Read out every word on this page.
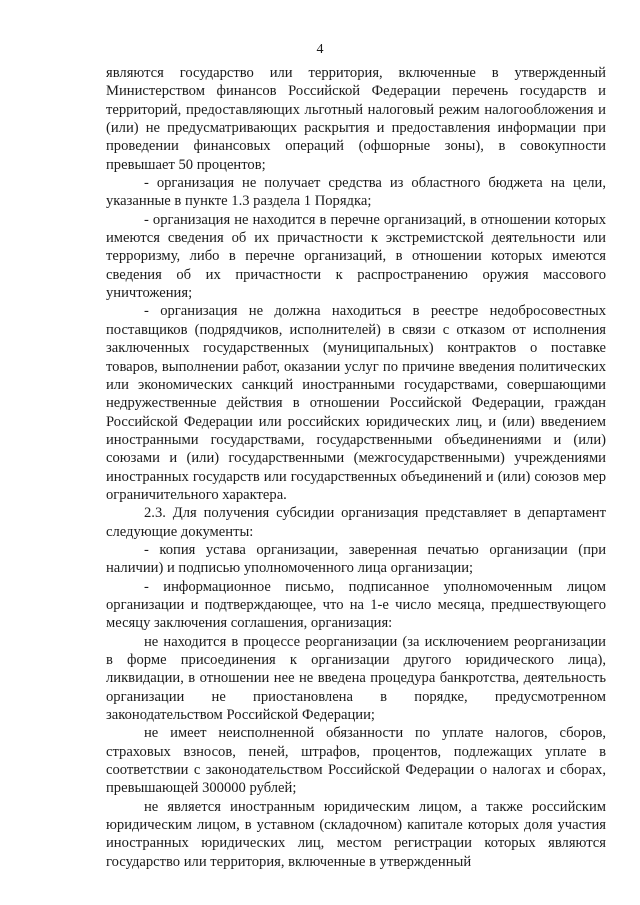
4

являются государство или территория, включенные в утвержденный Министерством финансов Российской Федерации перечень государств и территорий, предоставляющих льготный налоговый режим налогообложения и (или) не предусматривающих раскрытия и предоставления информации при проведении финансовых операций (офшорные зоны), в совокупности превышает 50 процентов;

- организация не получает средства из областного бюджета на цели, указанные в пункте 1.3 раздела 1 Порядка;

- организация не находится в перечне организаций, в отношении которых имеются сведения об их причастности к экстремистской деятельности или терроризму, либо в перечне организаций, в отношении которых имеются сведения об их причастности к распространению оружия массового уничтожения;

- организация не должна находиться в реестре недобросовестных поставщиков (подрядчиков, исполнителей) в связи с отказом от исполнения заключенных государственных (муниципальных) контрактов о поставке товаров, выполнении работ, оказании услуг по причине введения политических или экономических санкций иностранными государствами, совершающими недружественные действия в отношении Российской Федерации, граждан Российской Федерации или российских юридических лиц, и (или) введением иностранными государствами, государственными объединениями и (или) союзами и (или) государственными (межгосударственными) учреждениями иностранных государств или государственных объединений и (или) союзов мер ограничительного характера.

2.3. Для получения субсидии организация представляет в департамент следующие документы:

- копия устава организации, заверенная печатью организации (при наличии) и подписью уполномоченного лица организации;

- информационное письмо, подписанное уполномоченным лицом организации и подтверждающее, что на 1-е число месяца, предшествующего месяцу заключения соглашения, организация:

не находится в процессе реорганизации (за исключением реорганизации в форме присоединения к организации другого юридического лица), ликвидации, в отношении нее не введена процедура банкротства, деятельность организации не приостановлена в порядке, предусмотренном законодательством Российской Федерации;

не имеет неисполненной обязанности по уплате налогов, сборов, страховых взносов, пеней, штрафов, процентов, подлежащих уплате в соответствии с законодательством Российской Федерации о налогах и сборах, превышающей 300000 рублей;

не является иностранным юридическим лицом, а также российским юридическим лицом, в уставном (складочном) капитале которых доля участия иностранных юридических лиц, местом регистрации которых являются государство или территория, включенные в утвержденный
